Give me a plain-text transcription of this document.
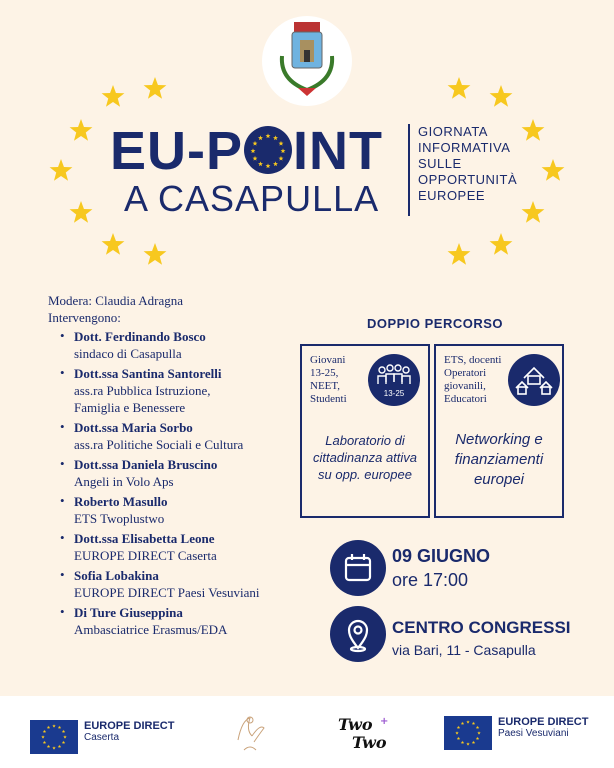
EU-P INT
A CASAPULLA
GIORNATA
INFORMATIVA
SULLE
OPPORTUNITÀ
EUROPEE
Modera: Claudia Adragna
Intervengono:
• Dott. Ferdinando Bosco
sindaco di Casapulla
• Dott.ssa Santina Santorelli
ass.ra Pubblica Istruzione,
Famiglia e Benessere
• Dott.ssa Maria Sorbo
ass.ra Politiche Sociali e Cultura
• Dott.ssa Daniela Bruscino
Angeli in Volo Aps
• Roberto Masullo
ETS Twoplustwo
• Dott.ssa Elisabetta Leone
EUROPE DIRECT Caserta
• Sofia Lobakina
EUROPE DIRECT Paesi Vesuviani
• Di Ture Giuseppina
Ambasciatrice Erasmus/EDA
DOPPIO PERCORSO
Giovani
13-25,
NEET,
Studenti	13-25
Laboratorio di cittadinanza attiva su opp. europee
ETS, docenti
Operatori
giovanili,
Educatori
Networking e finanziamenti europei
09 GIUGNO
ore 17:00
CENTRO CONGRESSI
via Bari, 11 - Casapulla
EUROPE DIRECT
Caserta
Two
Two
+	EUROPE DIRECT
Paesi Vesuviani
